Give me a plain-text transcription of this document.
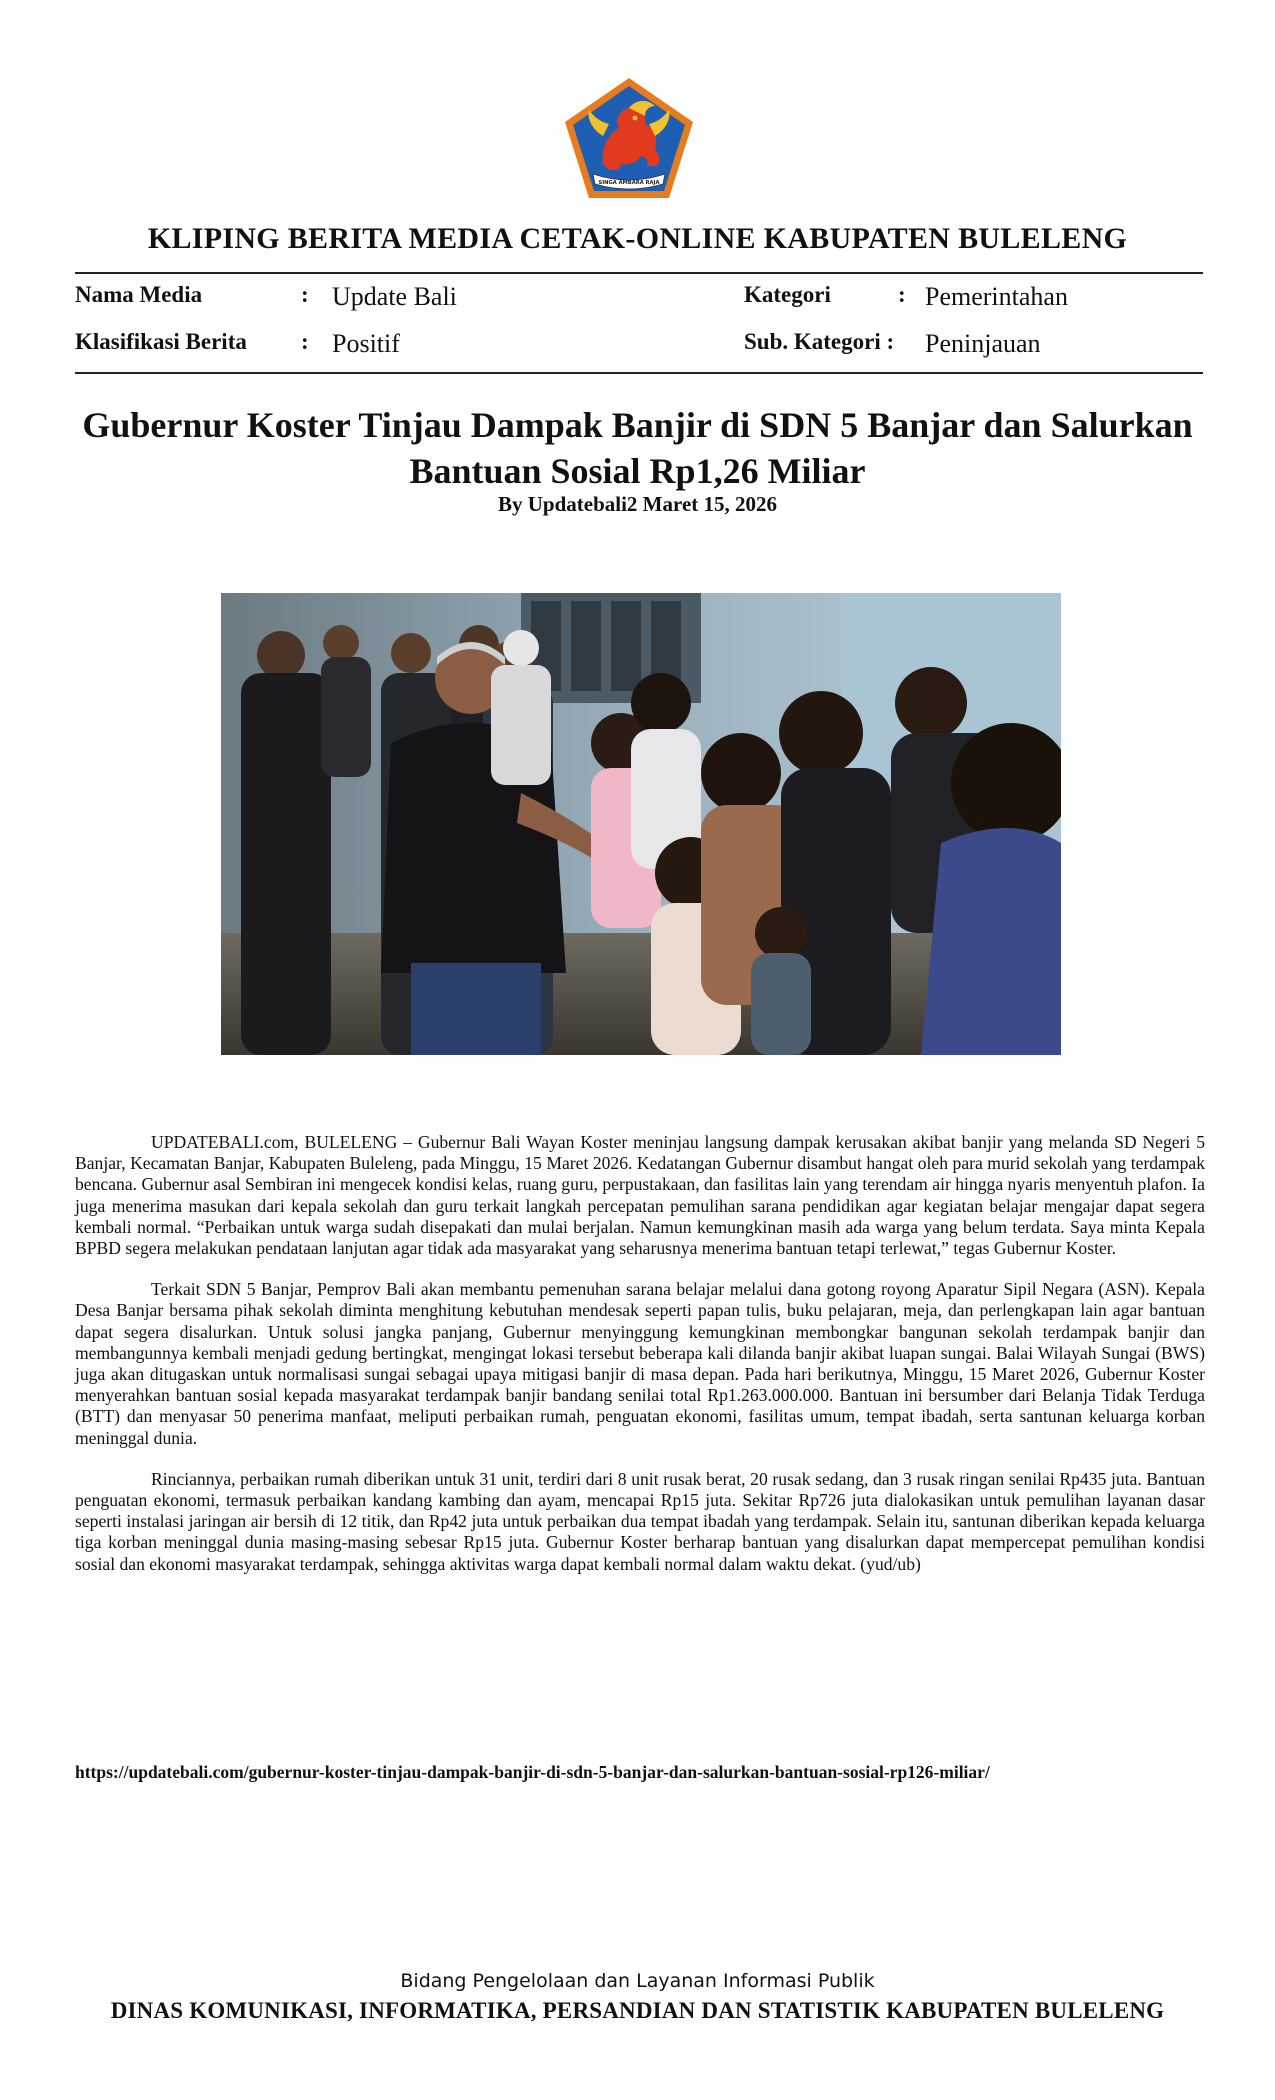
SINGA AMBARA RAJA
KLIPING BERITA MEDIA CETAK-ONLINE KABUPATEN BULELENG
Nama Media	: Update Bali	Kategori	: Pemerintahan
Klasifikasi Berita : Positif	Sub. Kategori : Peninjauan
Gubernur Koster Tinjau Dampak Banjir di SDN 5 Banjar dan Salurkan Bantuan Sosial Rp1,26 Miliar
By Updatebali2 Maret 15, 2026

UPDATEBALI.com, BULELENG – Gubernur Bali Wayan Koster meninjau langsung dampak kerusakan akibat banjir yang melanda SD Negeri 5 Banjar, Kecamatan Banjar, Kabupaten Buleleng, pada Minggu, 15 Maret 2026. Kedatangan Gubernur disambut hangat oleh para murid sekolah yang terdampak bencana. Gubernur asal Sembiran ini mengecek kondisi kelas, ruang guru, perpustakaan, dan fasilitas lain yang terendam air hingga nyaris menyentuh plafon. Ia juga menerima masukan dari kepala sekolah dan guru terkait langkah percepatan pemulihan sarana pendidikan agar kegiatan belajar mengajar dapat segera kembali normal. “Perbaikan untuk warga sudah disepakati dan mulai berjalan. Namun kemungkinan masih ada warga yang belum terdata. Saya minta Kepala BPBD segera melakukan pendataan lanjutan agar tidak ada masyarakat yang seharusnya menerima bantuan tetapi terlewat,” tegas Gubernur Koster.

Terkait SDN 5 Banjar, Pemprov Bali akan membantu pemenuhan sarana belajar melalui dana gotong royong Aparatur Sipil Negara (ASN). Kepala Desa Banjar bersama pihak sekolah diminta menghitung kebutuhan mendesak seperti papan tulis, buku pelajaran, meja, dan perlengkapan lain agar bantuan dapat segera disalurkan. Untuk solusi jangka panjang, Gubernur menyinggung kemungkinan membongkar bangunan sekolah terdampak banjir dan membangunnya kembali menjadi gedung bertingkat, mengingat lokasi tersebut beberapa kali dilanda banjir akibat luapan sungai. Balai Wilayah Sungai (BWS) juga akan ditugaskan untuk normalisasi sungai sebagai upaya mitigasi banjir di masa depan. Pada hari berikutnya, Minggu, 15 Maret 2026, Gubernur Koster menyerahkan bantuan sosial kepada masyarakat terdampak banjir bandang senilai total Rp1.263.000.000. Bantuan ini bersumber dari Belanja Tidak Terduga (BTT) dan menyasar 50 penerima manfaat, meliputi perbaikan rumah, penguatan ekonomi, fasilitas umum, tempat ibadah, serta santunan keluarga korban meninggal dunia.

Rinciannya, perbaikan rumah diberikan untuk 31 unit, terdiri dari 8 unit rusak berat, 20 rusak sedang, dan 3 rusak ringan senilai Rp435 juta. Bantuan penguatan ekonomi, termasuk perbaikan kandang kambing dan ayam, mencapai Rp15 juta. Sekitar Rp726 juta dialokasikan untuk pemulihan layanan dasar seperti instalasi jaringan air bersih di 12 titik, dan Rp42 juta untuk perbaikan dua tempat ibadah yang terdampak. Selain itu, santunan diberikan kepada keluarga tiga korban meninggal dunia masing-masing sebesar Rp15 juta. Gubernur Koster berharap bantuan yang disalurkan dapat mempercepat pemulihan kondisi sosial dan ekonomi masyarakat terdampak, sehingga aktivitas warga dapat kembali normal dalam waktu dekat. (yud/ub)

https://updatebali.com/gubernur-koster-tinjau-dampak-banjir-di-sdn-5-banjar-dan-salurkan-bantuan-sosial-rp126-miliar/
Bidang Pengelolaan dan Layanan Informasi Publik
DINAS KOMUNIKASI, INFORMATIKA, PERSANDIAN DAN STATISTIK KABUPATEN BULELENG
